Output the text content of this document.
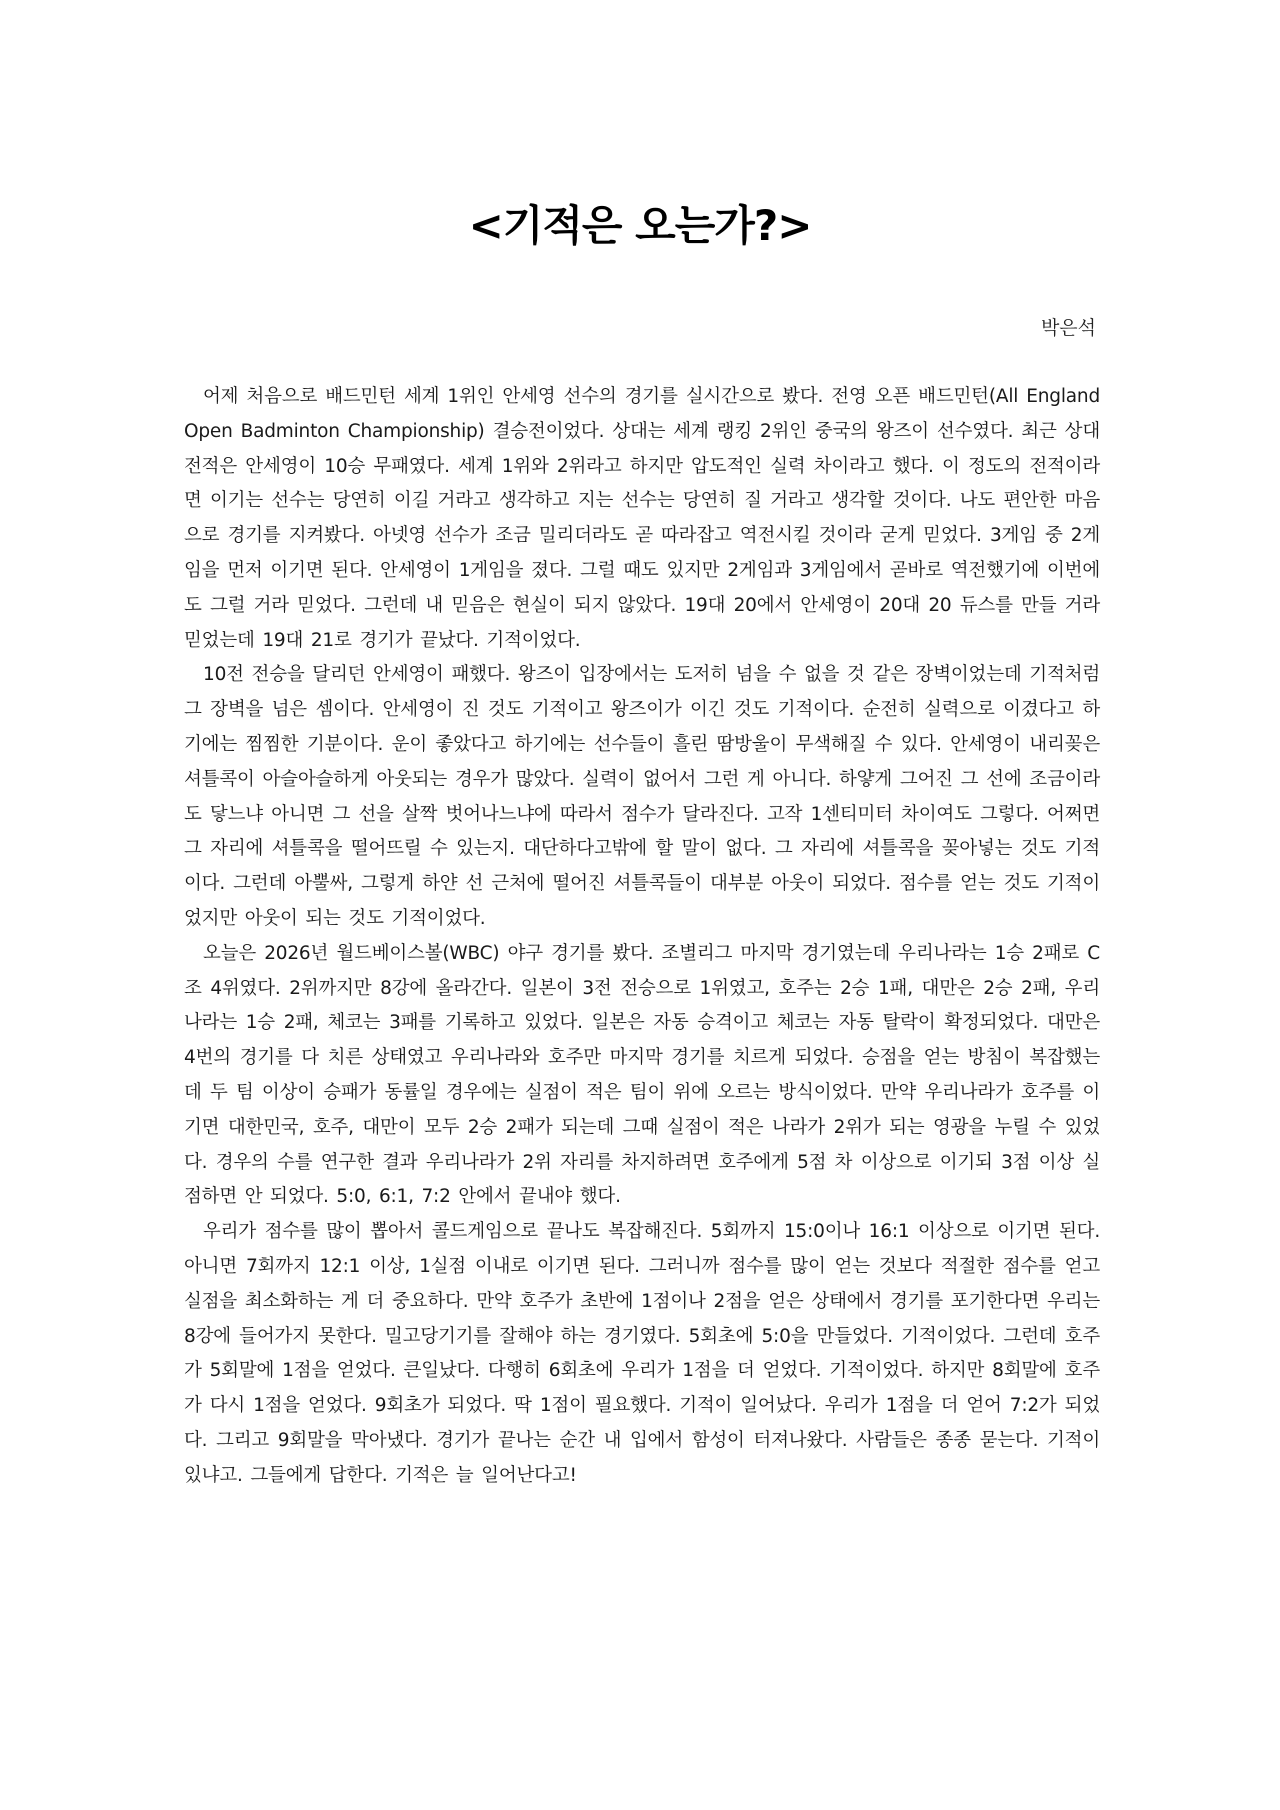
<기적은 오는가?>
박은석

어제 처음으로 배드민턴 세계 1위인 안세영 선수의 경기를 실시간으로 봤다. 전영 오픈 배드민턴(All England Open Badminton Championship) 결승전이었다. 상대는 세계 랭킹 2위인 중국의 왕즈이 선수였다. 최근 상대 전적은 안세영이 10승 무패였다. 세계 1위와 2위라고 하지만 압도적인 실력 차이라고 했다. 이 정도의 전적이라면 이기는 선수는 당연히 이길 거라고 생각하고 지는 선수는 당연히 질 거라고 생각할 것이다. 나도 편안한 마음으로 경기를 지켜봤다. 아넷영 선수가 조금 밀리더라도 곧 따라잡고 역전시킬 것이라 굳게 믿었다. 3게임 중 2게임을 먼저 이기면 된다. 안세영이 1게임을 졌다. 그럴 때도 있지만 2게임과 3게임에서 곧바로 역전했기에 이번에도 그럴 거라 믿었다. 그런데 내 믿음은 현실이 되지 않았다. 19대 20에서 안세영이 20대 20 듀스를 만들 거라 믿었는데 19대 21로 경기가 끝났다. 기적이었다.

10전 전승을 달리던 안세영이 패했다. 왕즈이 입장에서는 도저히 넘을 수 없을 것 같은 장벽이었는데 기적처럼 그 장벽을 넘은 셈이다. 안세영이 진 것도 기적이고 왕즈이가 이긴 것도 기적이다. 순전히 실력으로 이겼다고 하기에는 찜찜한 기분이다. 운이 좋았다고 하기에는 선수들이 흘린 땀방울이 무색해질 수 있다. 안세영이 내리꽂은 셔틀콕이 아슬아슬하게 아웃되는 경우가 많았다. 실력이 없어서 그런 게 아니다. 하얗게 그어진 그 선에 조금이라도 닿느냐 아니면 그 선을 살짝 벗어나느냐에 따라서 점수가 달라진다. 고작 1센티미터 차이여도 그렇다. 어쩌면 그 자리에 셔틀콕을 떨어뜨릴 수 있는지. 대단하다고밖에 할 말이 없다. 그 자리에 셔틀콕을 꽂아넣는 것도 기적이다. 그런데 아뿔싸, 그렇게 하얀 선 근처에 떨어진 셔틀콕들이 대부분 아웃이 되었다. 점수를 얻는 것도 기적이었지만 아웃이 되는 것도 기적이었다.

오늘은 2026년 월드베이스볼(WBC) 야구 경기를 봤다. 조별리그 마지막 경기였는데 우리나라는 1승 2패로 C조 4위였다. 2위까지만 8강에 올라간다. 일본이 3전 전승으로 1위였고, 호주는 2승 1패, 대만은 2승 2패, 우리나라는 1승 2패, 체코는 3패를 기록하고 있었다. 일본은 자동 승격이고 체코는 자동 탈락이 확정되었다. 대만은 4번의 경기를 다 치른 상태였고 우리나라와 호주만 마지막 경기를 치르게 되었다. 승점을 얻는 방침이 복잡했는데 두 팀 이상이 승패가 동률일 경우에는 실점이 적은 팀이 위에 오르는 방식이었다. 만약 우리나라가 호주를 이기면 대한민국, 호주, 대만이 모두 2승 2패가 되는데 그때 실점이 적은 나라가 2위가 되는 영광을 누릴 수 있었다. 경우의 수를 연구한 결과 우리나라가 2위 자리를 차지하려면 호주에게 5점 차 이상으로 이기되 3점 이상 실점하면 안 되었다. 5:0, 6:1, 7:2 안에서 끝내야 했다.

우리가 점수를 많이 뽑아서 콜드게임으로 끝나도 복잡해진다. 5회까지 15:0이나 16:1 이상으로 이기면 된다. 아니면 7회까지 12:1 이상, 1실점 이내로 이기면 된다. 그러니까 점수를 많이 얻는 것보다 적절한 점수를 얻고 실점을 최소화하는 게 더 중요하다. 만약 호주가 초반에 1점이나 2점을 얻은 상태에서 경기를 포기한다면 우리는 8강에 들어가지 못한다. 밀고당기기를 잘해야 하는 경기였다. 5회초에 5:0을 만들었다. 기적이었다. 그런데 호주가 5회말에 1점을 얻었다. 큰일났다. 다행히 6회초에 우리가 1점을 더 얻었다. 기적이었다. 하지만 8회말에 호주가 다시 1점을 얻었다. 9회초가 되었다. 딱 1점이 필요했다. 기적이 일어났다. 우리가 1점을 더 얻어 7:2가 되었다. 그리고 9회말을 막아냈다. 경기가 끝나는 순간 내 입에서 함성이 터져나왔다. 사람들은 종종 묻는다. 기적이 있냐고. 그들에게 답한다. 기적은 늘 일어난다고!
